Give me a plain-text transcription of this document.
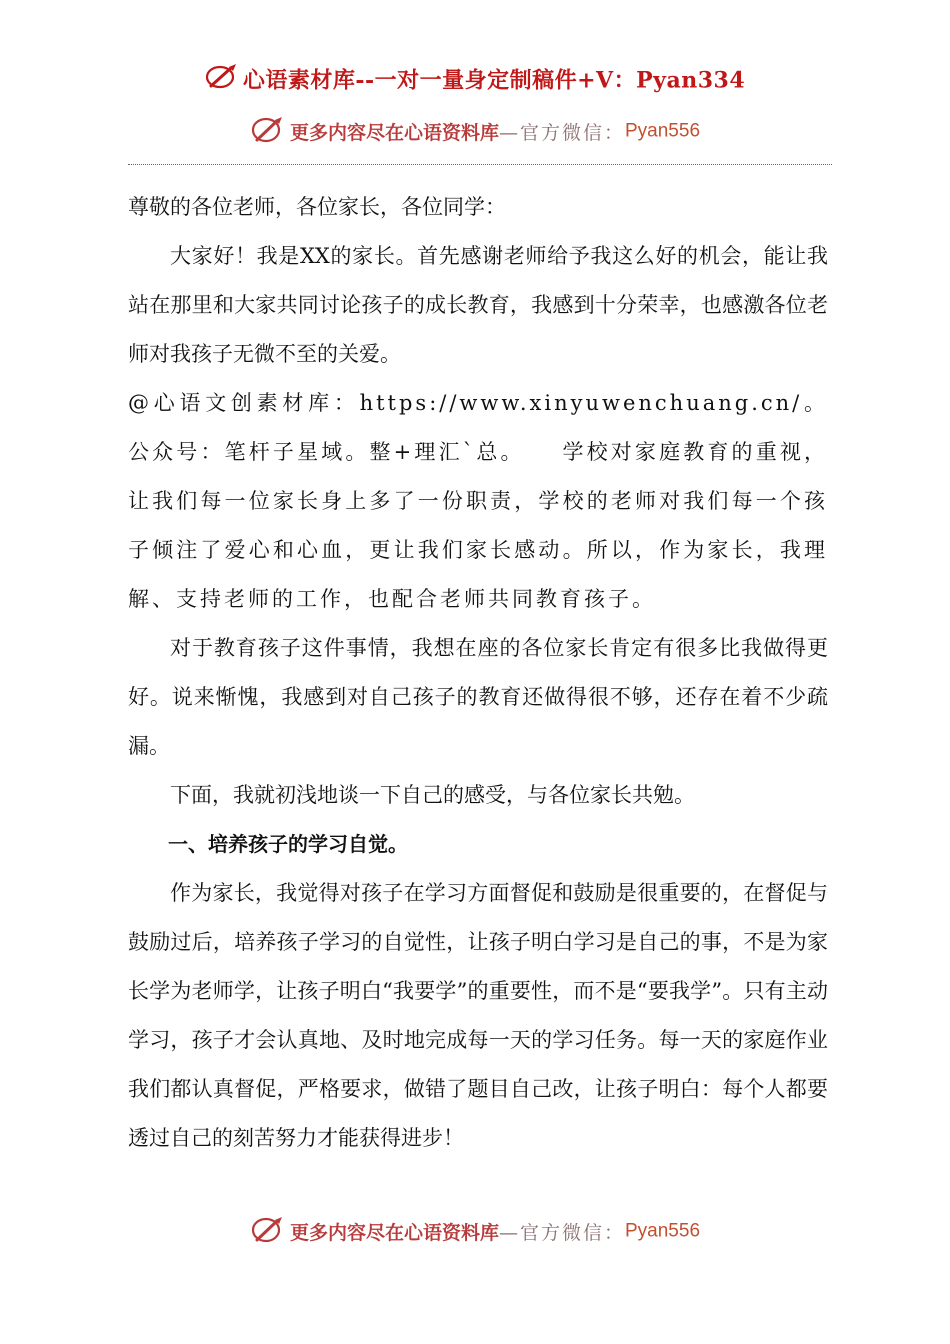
心语素材库--一对一量身定制稿件+V：Pyan334
更多内容尽在心语资料库—官方微信：Pyan556

尊敬的各位老师，各位家长，各位同学：

大家好！我是XX的家长。首先感谢老师给予我这么好的机会，能让我站在那里和大家共同讨论孩子的成长教育，我感到十分荣幸，也感激各位老师对我孩子无微不至的关爱。

@心语文创素材库：https://www.xinyuwenchuang.cn/。公众号：笔杆子星域。整+理汇`总。　　学校对家庭教育的重视，让我们每一位家长身上多了一份职责，学校的老师对我们每一个孩子倾注了爱心和心血，更让我们家长感动。所以，作为家长，我理解、支持老师的工作，也配合老师共同教育孩子。

对于教育孩子这件事情，我想在座的各位家长肯定有很多比我做得更好。说来惭愧，我感到对自己孩子的教育还做得很不够，还存在着不少疏漏。

下面，我就初浅地谈一下自己的感受，与各位家长共勉。

一、培养孩子的学习自觉。

作为家长，我觉得对孩子在学习方面督促和鼓励是很重要的，在督促与鼓励过后，培养孩子学习的自觉性，让孩子明白学习是自己的事，不是为家长学为老师学，让孩子明白“我要学”的重要性，而不是“要我学”。只有主动学习，孩子才会认真地、及时地完成每一天的学习任务。每一天的家庭作业我们都认真督促，严格要求，做错了题目自己改，让孩子明白：每个人都要透过自己的刻苦努力才能获得进步！

更多内容尽在心语资料库—官方微信：Pyan556
